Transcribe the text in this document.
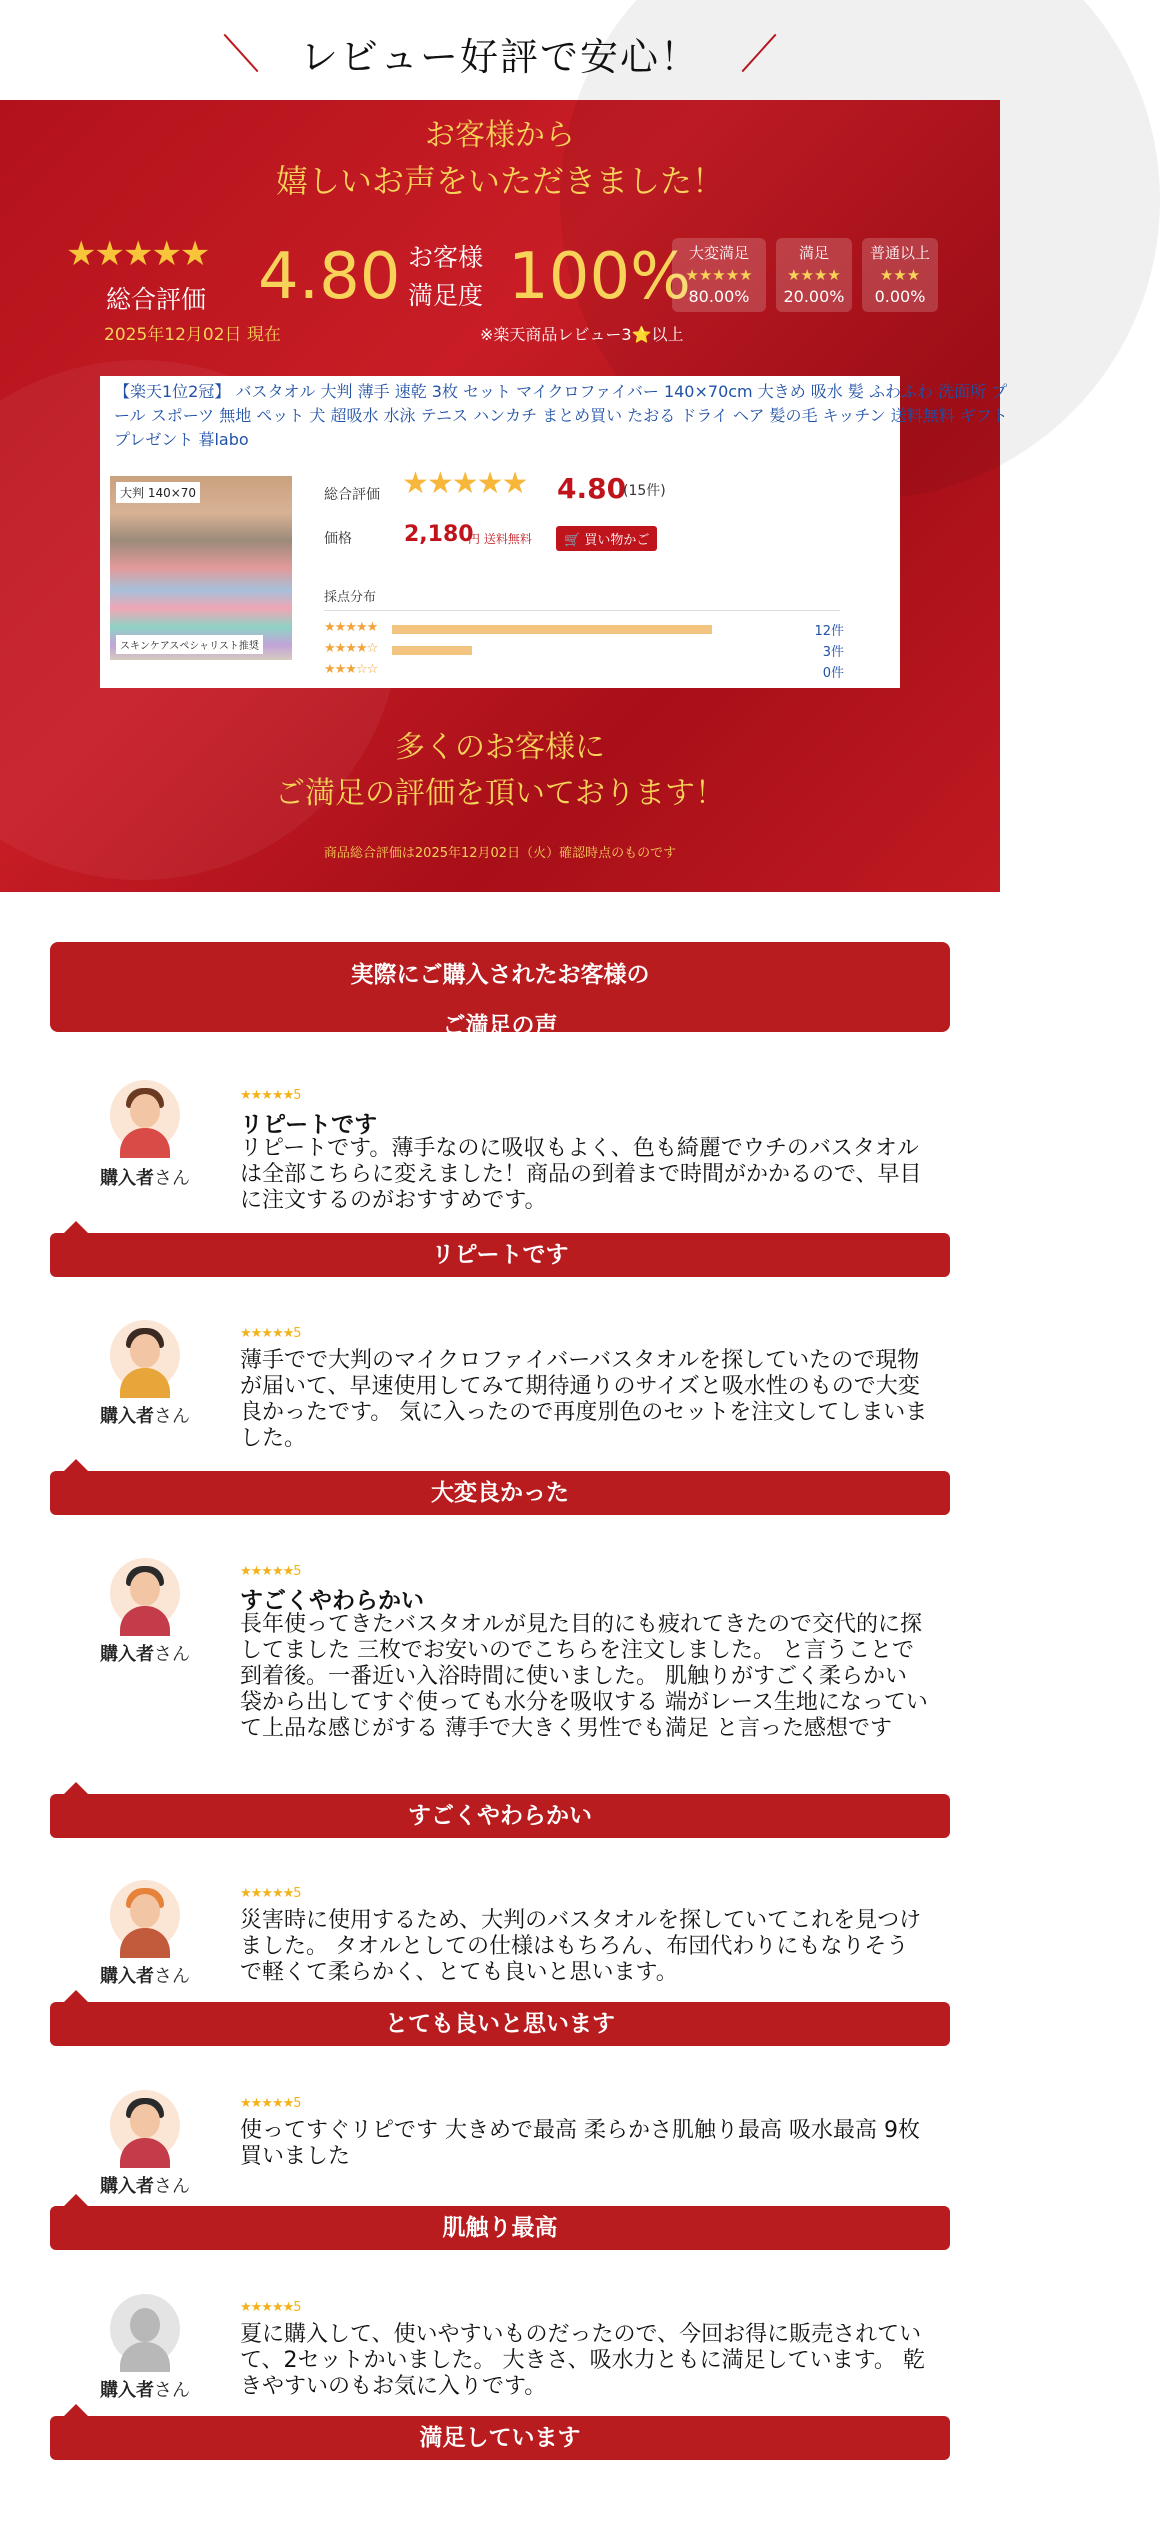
レビュー好評で安心！
お客様から
嬉しいお声をいただきました！
★★★★★
総合評価
2025年12月02日 現在
4.80 お客様
満足度 100%
大変満足
★★★★★
80.00%
満足
★★★★
20.00%
普通以上
★★★
0.00%
※楽天商品レビュー3⭐以上
【楽天1位2冠】 バスタオル 大判 薄手 速乾 3枚 セット マイクロファイバー 140×70cm 大きめ 吸水 髪 ふわふわ 洗面所 プール スポーツ 無地 ペット 犬 超吸水 水泳 テニス ハンカチ まとめ買い たおる ドライ ヘア 髪の毛 キッチン 送料無料 ギフト プレゼント 暮labo
大判 140×70
スキンケアスペシャリスト推奨
総合評価 ★★★★★ 4.80
(15件)
価格 2,180
円 送料無料	🛒 買い物かご
採点分布
★★★★★	12件
★★★★☆	3件
★★★☆☆	0件
多くのお客様に
ご満足の評価を頂いております！
商品総合評価は2025年12月02日（火）確認時点のものです
実際にご購入されたお客様の
ご満足の声
購入者さん
★★★★★5
リピートです
リピートです。薄手なのに吸収もよく、色も綺麗でウチのバスタオルは全部こちらに変えました！商品の到着まで時間がかかるので、早目に注文するのがおすすめです。
リピートです
購入者さん
★★★★★5
薄手でで大判のマイクロファイバーバスタオルを探していたので現物が届いて、早速使用してみて期待通りのサイズと吸水性のもので大変良かったです。 気に入ったので再度別色のセットを注文してしまいました。
大変良かった
購入者さん
★★★★★5
すごくやわらかい
長年使ってきたバスタオルが見た目的にも疲れてきたので交代的に探してました 三枚でお安いのでこちらを注文しました。 と言うことで到着後。一番近い入浴時間に使いました。 肌触りがすごく柔らかい 袋から出してすぐ使っても水分を吸収する 端がレース生地になっていて上品な感じがする 薄手で大きく男性でも満足 と言った感想です
すごくやわらかい
購入者さん
★★★★★5
災害時に使用するため、大判のバスタオルを探していてこれを見つけました。 タオルとしての仕様はもちろん、布団代わりにもなりそうで軽くて柔らかく、とても良いと思います。
とても良いと思います
購入者さん
★★★★★5
使ってすぐリピです 大きめで最高 柔らかさ肌触り最高 吸水最高 9枚買いました
肌触り最高
購入者さん
★★★★★5
夏に購入して、使いやすいものだったので、今回お得に販売されていて、2セットかいました。 大きさ、吸水力ともに満足しています。 乾きやすいのもお気に入りです。
満足しています
